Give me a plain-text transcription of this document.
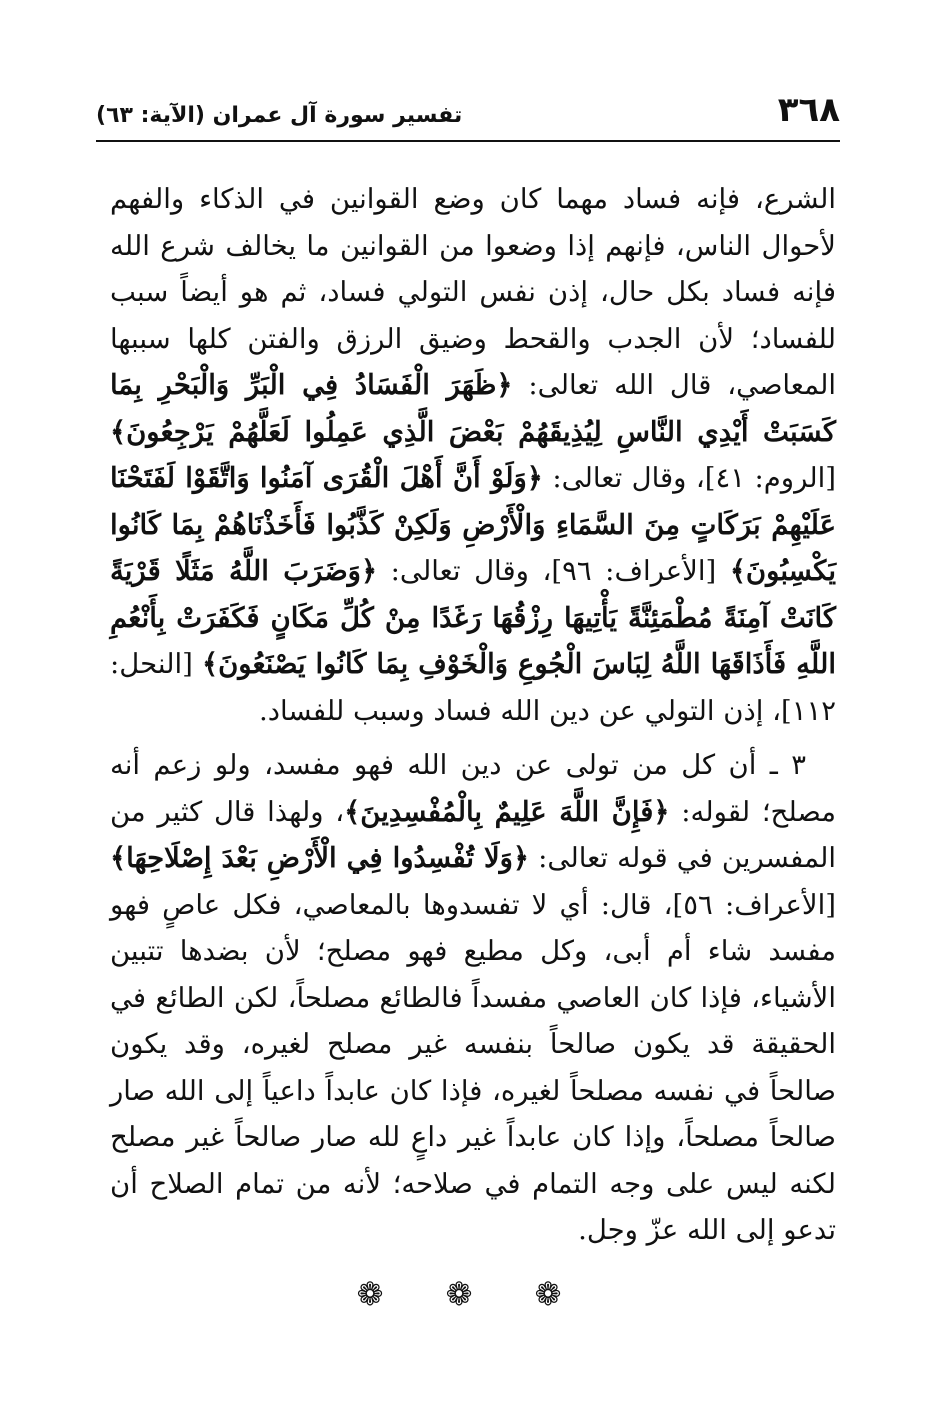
٣٦٨
تفسير سورة آل عمران (الآية: ٦٣)

الشرع، فإنه فساد مهما كان وضع القوانين في الذكاء والفهم لأحوال الناس، فإنهم إذا وضعوا من القوانين ما يخالف شرع الله فإنه فساد بكل حال، إذن نفس التولي فساد، ثم هو أيضاً سبب للفساد؛ لأن الجدب والقحط وضيق الرزق والفتن كلها سببها المعاصي، قال الله تعالى: ﴿ظَهَرَ الْفَسَادُ فِي الْبَرِّ وَالْبَحْرِ بِمَا كَسَبَتْ أَيْدِي النَّاسِ لِيُذِيقَهُمْ بَعْضَ الَّذِي عَمِلُوا لَعَلَّهُمْ يَرْجِعُونَ﴾ [الروم: ٤١]، وقال تعالى: ﴿وَلَوْ أَنَّ أَهْلَ الْقُرَى آمَنُوا وَاتَّقَوْا لَفَتَحْنَا عَلَيْهِمْ بَرَكَاتٍ مِنَ السَّمَاءِ وَالْأَرْضِ وَلَكِنْ كَذَّبُوا فَأَخَذْنَاهُمْ بِمَا كَانُوا يَكْسِبُونَ﴾ [الأعراف: ٩٦]، وقال تعالى: ﴿وَضَرَبَ اللَّهُ مَثَلًا قَرْيَةً كَانَتْ آمِنَةً مُطْمَئِنَّةً يَأْتِيهَا رِزْقُهَا رَغَدًا مِنْ كُلِّ مَكَانٍ فَكَفَرَتْ بِأَنْعُمِ اللَّهِ فَأَذَاقَهَا اللَّهُ لِبَاسَ الْجُوعِ وَالْخَوْفِ بِمَا كَانُوا يَصْنَعُونَ﴾ [النحل: ١١٢]، إذن التولي عن دين الله فساد وسبب للفساد.

٣ ـ أن كل من تولى عن دين الله فهو مفسد، ولو زعم أنه مصلح؛ لقوله: ﴿فَإِنَّ اللَّهَ عَلِيمٌ بِالْمُفْسِدِينَ﴾، ولهذا قال كثير من المفسرين في قوله تعالى: ﴿وَلَا تُفْسِدُوا فِي الْأَرْضِ بَعْدَ إِصْلَاحِهَا﴾ [الأعراف: ٥٦]، قال: أي لا تفسدوها بالمعاصي، فكل عاصٍ فهو مفسد شاء أم أبى، وكل مطيع فهو مصلح؛ لأن بضدها تتبين الأشياء، فإذا كان العاصي مفسداً فالطائع مصلحاً، لكن الطائع في الحقيقة قد يكون صالحاً بنفسه غير مصلح لغيره، وقد يكون صالحاً في نفسه مصلحاً لغيره، فإذا كان عابداً داعياً إلى الله صار صالحاً مصلحاً، وإذا كان عابداً غير داعٍ لله صار صالحاً غير مصلح لكنه ليس على وجه التمام في صلاحه؛ لأنه من تمام الصلاح أن تدعو إلى الله عزّ وجل.

❁ ❁ ❁
